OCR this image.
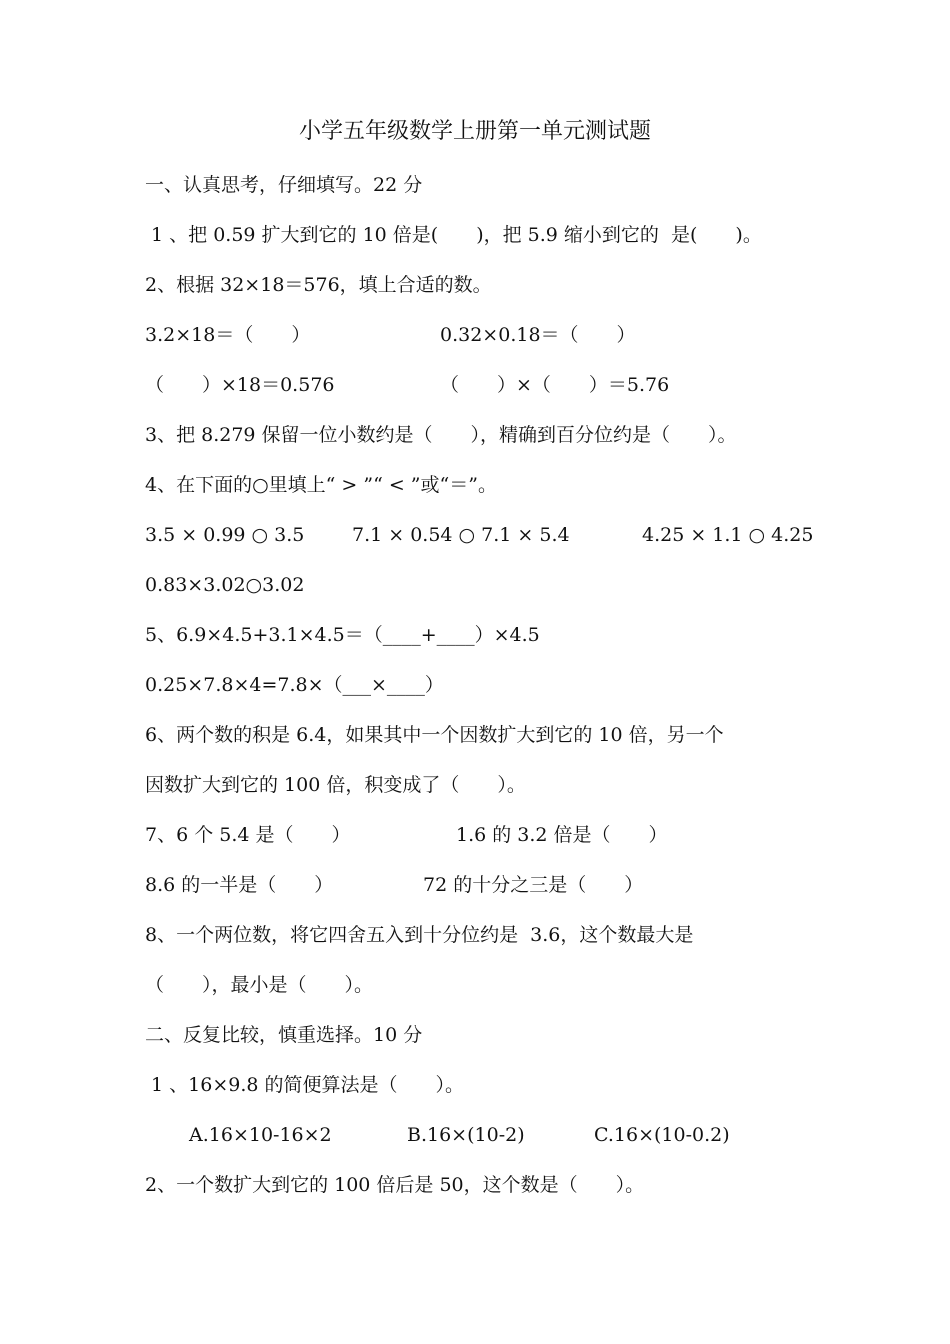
小学五年级数学上册第一单元测试题
一、认真思考，仔细填写。22 分
1 、把 0.59 扩大到它的 10 倍是(　　)，把 5.9 缩小到它的  是(　　)。
2、根据 32×18＝576，填上合适的数。
3.2×18＝（　　）	0.32×0.18＝（　　）
（　　）×18＝0.576	（　　）×（　　）＝5.76
3、把 8.279 保留一位小数约是（　　），精确到百分位约是（　　）。
4、在下面的○里填上“ > ”“ < ”或“＝”。
3.5 × 0.99 ○ 3.5	7.1 × 0.54 ○ 7.1 × 5.4	4.25 × 1.1 ○ 4.25
0.83×3.02○3.02
5、6.9×4.5+3.1×4.5＝（____+____）×4.5
0.25×7.8×4=7.8×（___×____）
6、两个数的积是 6.4，如果其中一个因数扩大到它的 10 倍，另一个
因数扩大到它的 100 倍，积变成了（　　）。
7、6 个 5.4 是（　　）	1.6 的 3.2 倍是（　　）
8.6 的一半是（　　）	72 的十分之三是（　　）
8、一个两位数，将它四舍五入到十分位约是  3.6，这个数最大是
（　　），最小是（　　）。
二、反复比较，慎重选择。10 分
1 、16×9.8 的简便算法是（　　）。
A.16×10-16×2	B.16×(10-2)	C.16×(10-0.2)
2、一个数扩大到它的 100 倍后是 50，这个数是（　　）。
